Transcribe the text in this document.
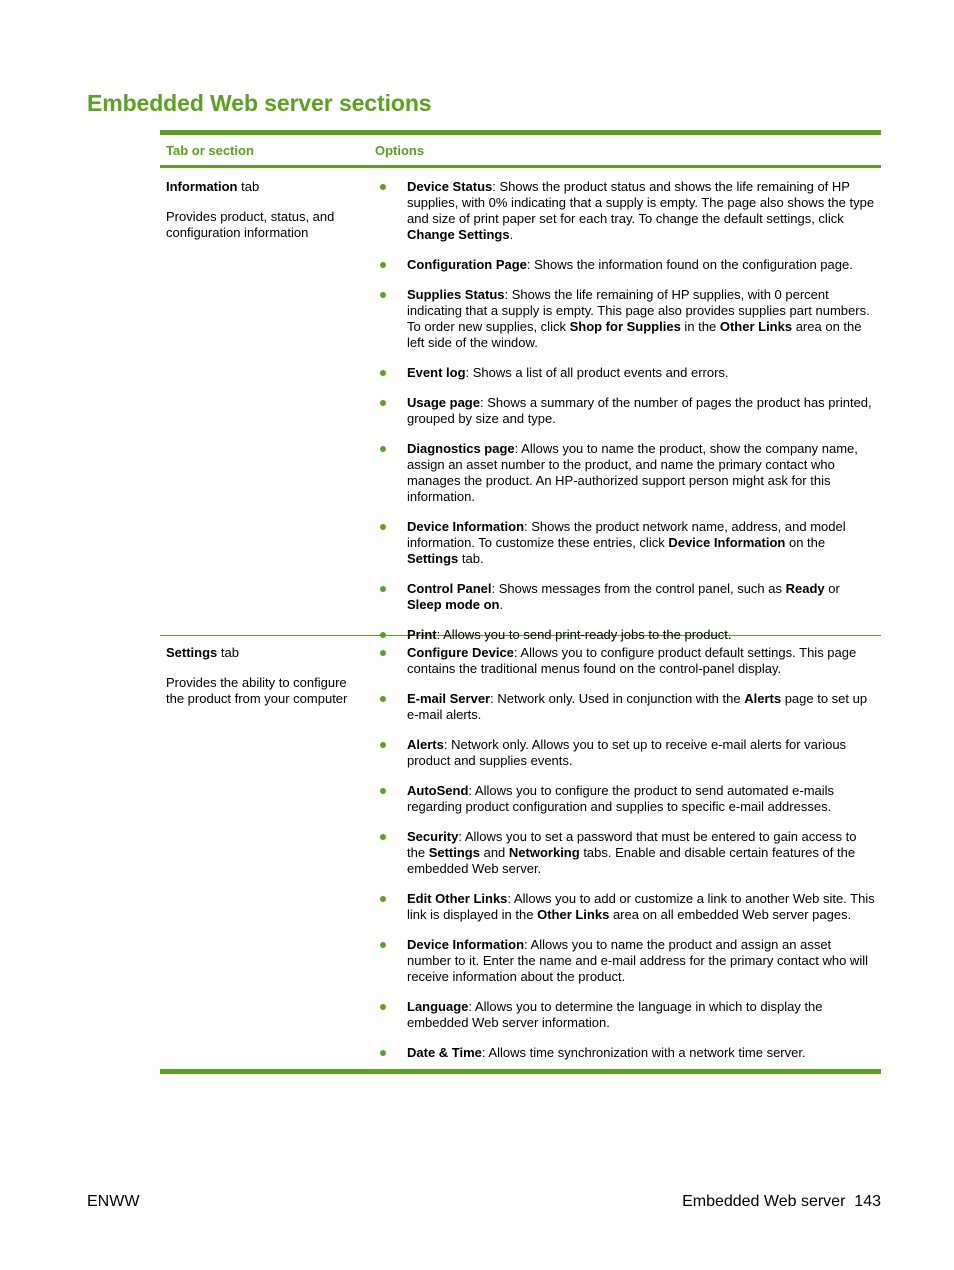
Embedded Web server sections
Tab or section	Options

Information tab

Provides product, status, and configuration information

Device Status: Shows the product status and shows the life remaining of HP supplies, with 0% indicating that a supply is empty. The page also shows the type and size of print paper set for each tray. To change the default settings, click Change Settings.
Configuration Page: Shows the information found on the configuration page.
Supplies Status: Shows the life remaining of HP supplies, with 0 percent indicating that a supply is empty. This page also provides supplies part numbers. To order new supplies, click Shop for Supplies in the Other Links area on the left side of the window.
Event log: Shows a list of all product events and errors.
Usage page: Shows a summary of the number of pages the product has printed, grouped by size and type.
Diagnostics page: Allows you to name the product, show the company name, assign an asset number to the product, and name the primary contact who manages the product. An HP-authorized support person might ask for this information.
Device Information: Shows the product network name, address, and model information. To customize these entries, click Device Information on the Settings tab.
Control Panel: Shows messages from the control panel, such as Ready or Sleep mode on.
Print: Allows you to send print-ready jobs to the product.

Settings tab

Provides the ability to configure the product from your computer

Configure Device: Allows you to configure product default settings. This page contains the traditional menus found on the control-panel display.
E-mail Server: Network only. Used in conjunction with the Alerts page to set up e-mail alerts.
Alerts: Network only. Allows you to set up to receive e-mail alerts for various product and supplies events.
AutoSend: Allows you to configure the product to send automated e-mails regarding product configuration and supplies to specific e-mail addresses.
Security: Allows you to set a password that must be entered to gain access to the Settings and Networking tabs. Enable and disable certain features of the embedded Web server.
Edit Other Links: Allows you to add or customize a link to another Web site. This link is displayed in the Other Links area on all embedded Web server pages.
Device Information: Allows you to name the product and assign an asset number to it. Enter the name and e-mail address for the primary contact who will receive information about the product.
Language: Allows you to determine the language in which to display the embedded Web server information.
Date & Time: Allows time synchronization with a network time server.
ENWW	Embedded Web server 143
